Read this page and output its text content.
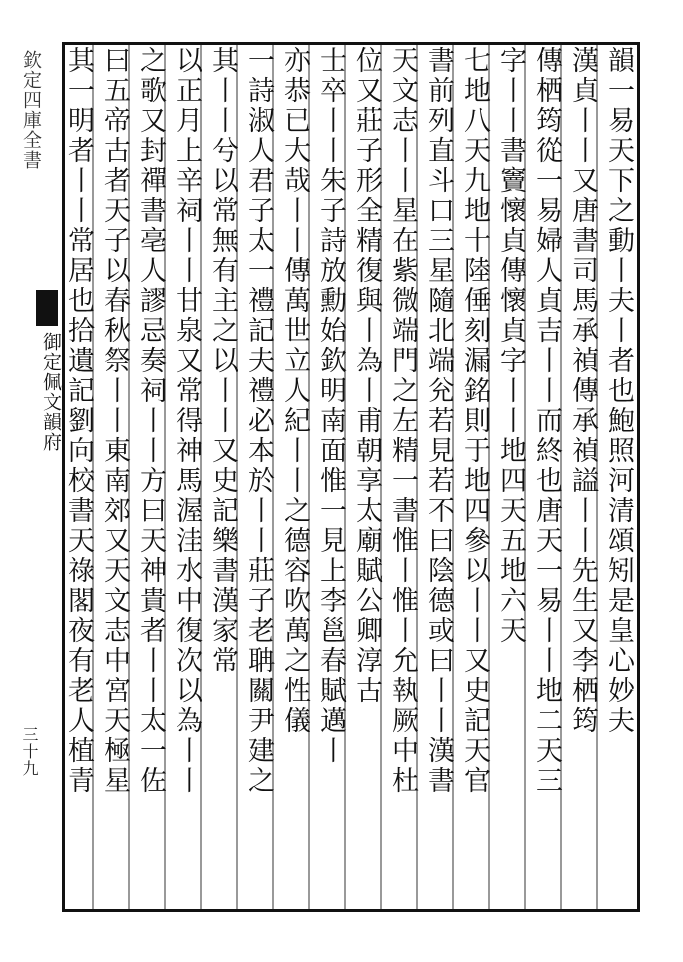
欽定四庫全書
御定佩文韻府
三十九
韻一易天下之動丨夫丨者也鮑照河清頌矧是皇心妙夫
漢貞丨丨又唐書司馬承禎傳承禎謚丨丨先生又李栖筠
傳栖筠從一易婦人貞吉丨丨而終也唐天一易丨丨地二天三
字丨丨書竇懷貞傳懷貞字丨丨地四天五地六天
七地八天九地十陸倕刻漏銘則于地四參以丨丨又史記天官
書前列直斗口三星隨北端兊若見若不曰陰德或曰丨丨漢書
天文志丨丨星在紫微端門之左精一書惟丨惟丨允執厥中杜
位又莊子形全精復與丨為丨甫朝享太廟賦公卿淳古
士卒丨丨朱子詩放勳始欽明南面惟一見上李邕春賦邁丨
亦恭已大哉丨丨傳萬世立人紀丨丨之德容吹萬之性儀
一詩淑人君子太一禮記夫禮必本於丨丨莊子老聃關尹建之
其丨丨兮以常無有主之以丨丨又史記樂書漢家常
以正月上辛祠丨丨甘泉又常得神馬渥洼水中復次以為丨丨
之歌又封禪書亳人謬忌奏祠丨丨方曰天神貴者丨丨太一佐
曰五帝古者天子以春秋祭丨丨東南郊又天文志中宮天極星
其一明者丨丨常居也拾遺記劉向校書天祿閣夜有老人植青
